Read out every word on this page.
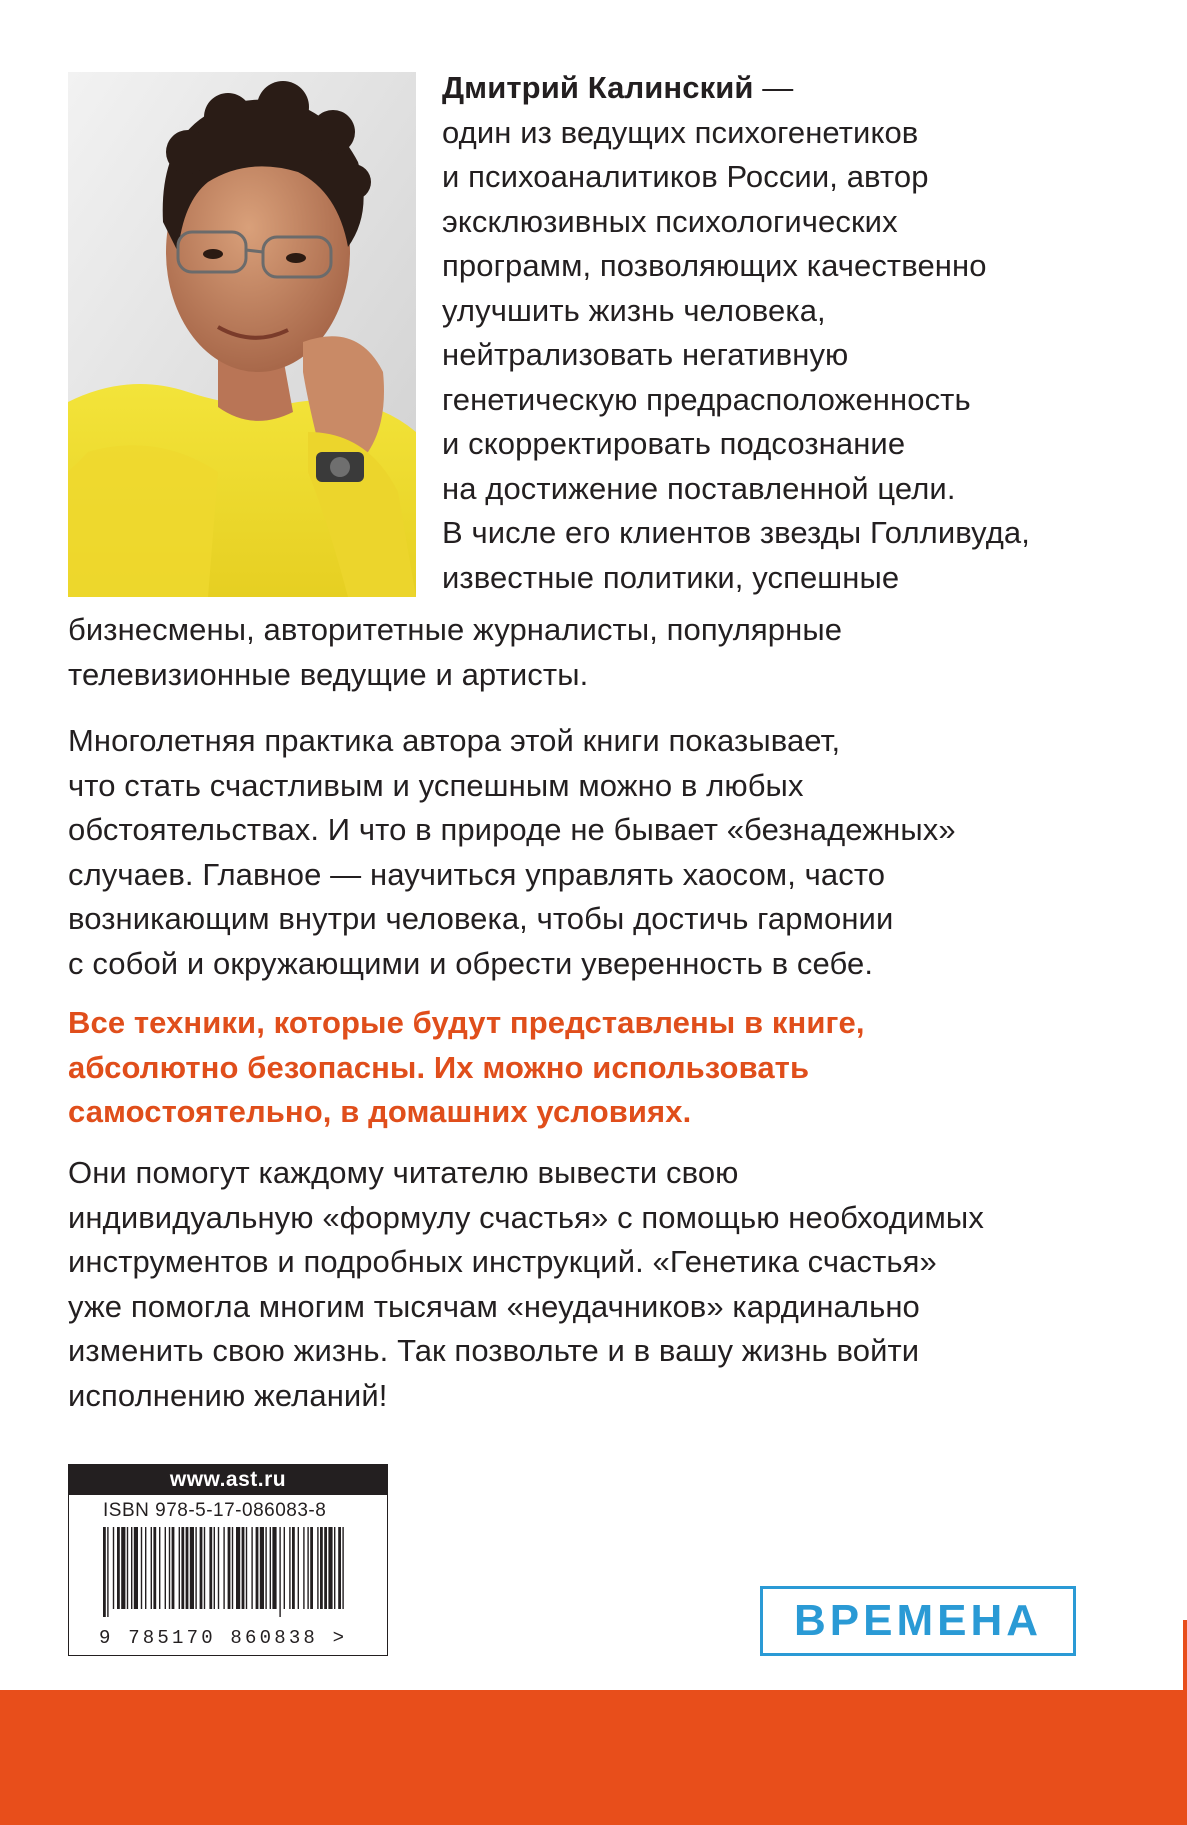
Дмитрий Калинский —
один из ведущих психогенетиков
и психоаналитиков России, автор
эксклюзивных психологических
программ, позволяющих качественно
улучшить жизнь человека,
нейтрализовать негативную
генетическую предрасположенность
и скорректировать подсознание
на достижение поставленной цели.
В числе его клиентов звезды Голливуда,
известные политики, успешные
бизнесмены, авторитетные журналисты, популярные
телевизионные ведущие и артисты.
Многолетняя практика автора этой книги показывает,
что стать счастливым и успешным можно в любых
обстоятельствах. И что в природе не бывает «безнадежных»
случаев. Главное — научиться управлять хаосом, часто
возникающим внутри человека, чтобы достичь гармонии
с собой и окружающими и обрести уверенность в себе.
Все техники, которые будут представлены в книге,
абсолютно безопасны. Их можно использовать
самостоятельно, в домашних условиях.
Они помогут каждому читателю вывести свою
индивидуальную «формулу счастья» с помощью необходимых
инструментов и подробных инструкций. «Генетика счастья»
уже помогла многим тысячам «неудачников» кардинально
изменить свою жизнь. Так позвольте и в вашу жизнь войти
исполнению желаний!
www.ast.ru
ISBN 978-5-17-086083-8
9 785170 860838 >	ВРЕМЕНА
